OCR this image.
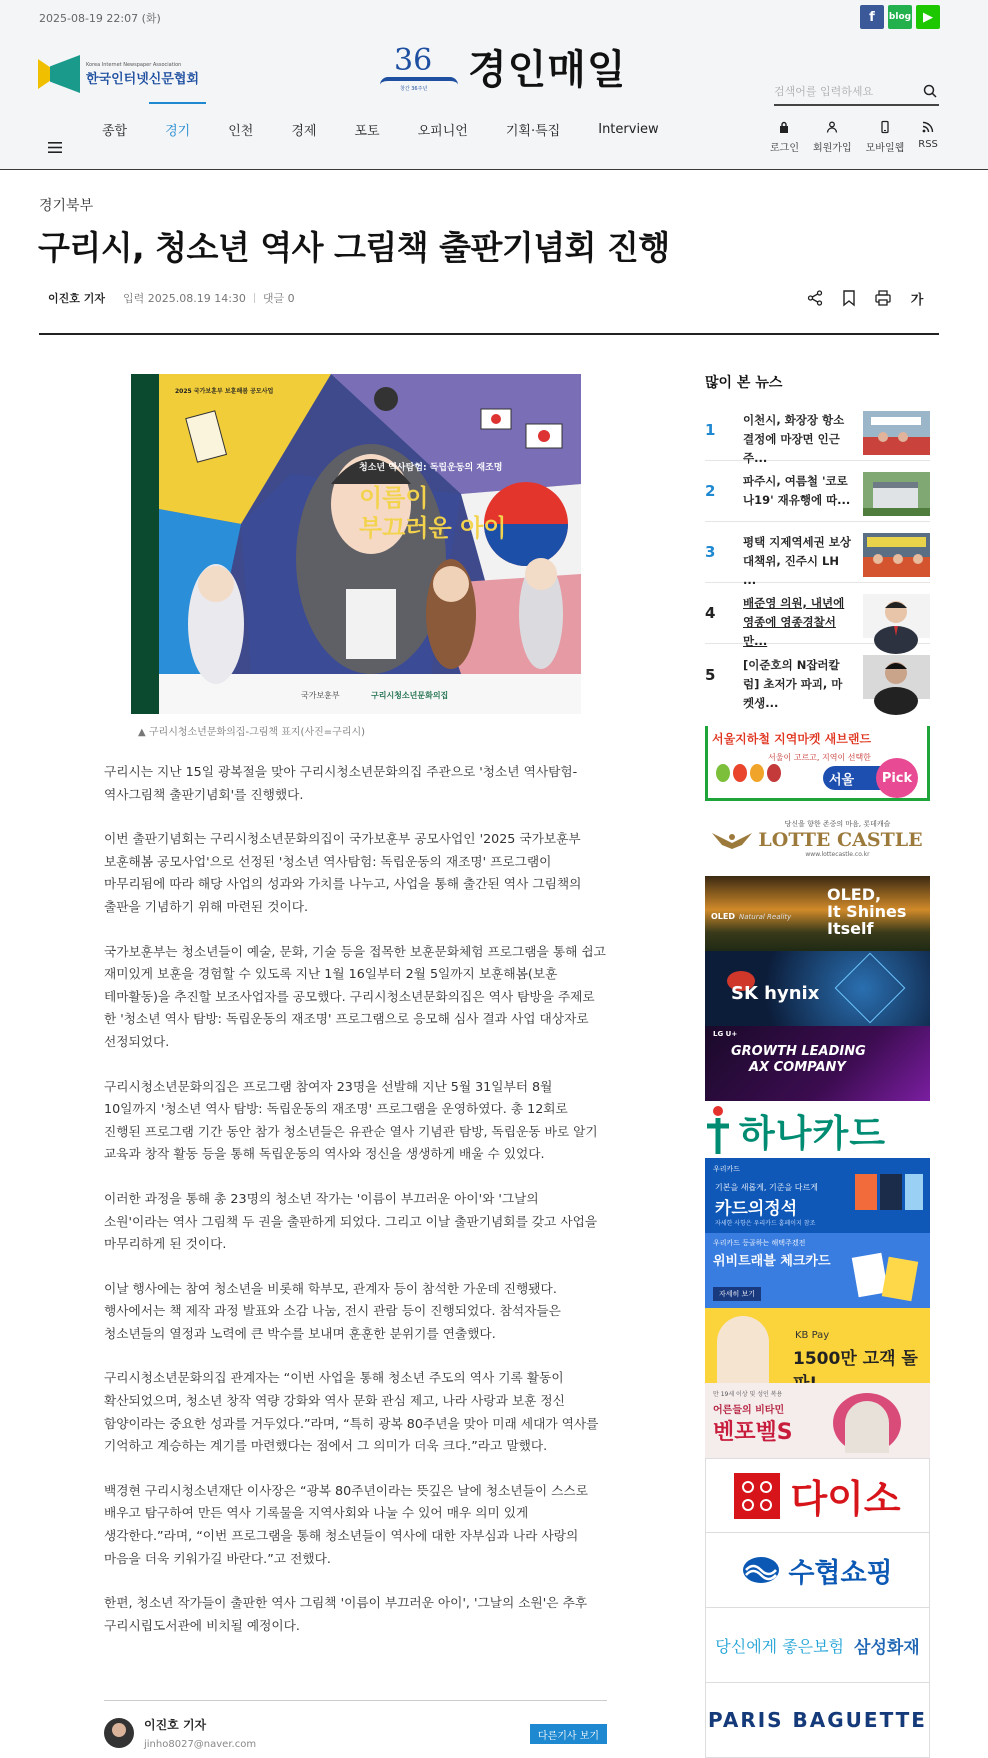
2025-08-19 22:07 (화)	f	blog ▶
Korea Internet Newspaper Association
한국인터넷신문협회
36
창간 36주년 경인매일
검색어를 입력하세요
종합	경기	인천	경제	포토	오피니언	기획·특집	Interview
로그인 회원가입 모바일웹 RSS
경기북부
구리시, 청소년 역사 그림책 출판기념회 진행
이진호 기자 입력 2025.08.19 14:30 댓글 0	가
2025 국가보훈부 보훈해봄 공모사업
청소년 역사탐험: 독립운동의 재조명
이름이
부끄러운 아이
국가보훈부	구리시청소년문화의집
▲ 구리시청소년문화의집-그림책 표지(사진=구리시)

구리시는 지난 15일 광복절을 맞아 구리시청소년문화의집 주관으로 '청소년 역사탐험-역사그림책 출판기념회'를 진행했다.

이번 출판기념회는 구리시청소년문화의집이 국가보훈부 공모사업인 '2025 국가보훈부 보훈해봄 공모사업'으로 선정된 '청소년 역사탐험: 독립운동의 재조명' 프로그램이 마무리됨에 따라 해당 사업의 성과와 가치를 나누고, 사업을 통해 출간된 역사 그림책의 출판을 기념하기 위해 마련된 것이다.

국가보훈부는 청소년들이 예술, 문화, 기술 등을 접목한 보훈문화체험 프로그램을 통해 쉽고 재미있게 보훈을 경험할 수 있도록 지난 1월 16일부터 2월 5일까지 보훈해봄(보훈 테마활동)을 추진할 보조사업자를 공모했다. 구리시청소년문화의집은 역사 탐방을 주제로 한 '청소년 역사 탐방: 독립운동의 재조명' 프로그램으로 응모해 심사 결과 사업 대상자로 선정되었다.

구리시청소년문화의집은 프로그램 참여자 23명을 선발해 지난 5월 31일부터 8월 10일까지 '청소년 역사 탐방: 독립운동의 재조명' 프로그램을 운영하였다. 총 12회로 진행된 프로그램 기간 동안 참가 청소년들은 유관순 열사 기념관 탐방, 독립운동 바로 알기 교육과 창작 활동 등을 통해 독립운동의 역사와 정신을 생생하게 배울 수 있었다.

이러한 과정을 통해 총 23명의 청소년 작가는 '이름이 부끄러운 아이'와 '그날의 소원'이라는 역사 그림책 두 권을 출판하게 되었다. 그리고 이날 출판기념회를 갖고 사업을 마무리하게 된 것이다.

이날 행사에는 참여 청소년을 비롯해 학부모, 관계자 등이 참석한 가운데 진행됐다. 행사에서는 책 제작 과정 발표와 소감 나눔, 전시 관람 등이 진행되었다. 참석자들은 청소년들의 열정과 노력에 큰 박수를 보내며 훈훈한 분위기를 연출했다.

구리시청소년문화의집 관계자는 “이번 사업을 통해 청소년 주도의 역사 기록 활동이 확산되었으며, 청소년 창작 역량 강화와 역사 문화 관심 제고, 나라 사랑과 보훈 정신 함양이라는 중요한 성과를 거두었다.”라며, “특히 광복 80주년을 맞아 미래 세대가 역사를 기억하고 계승하는 계기를 마련했다는 점에서 그 의미가 더욱 크다.”라고 말했다.

백경현 구리시청소년재단 이사장은 “광복 80주년이라는 뜻깊은 날에 청소년들이 스스로 배우고 탐구하여 만든 역사 기록물을 지역사회와 나눌 수 있어 매우 의미 있게 생각한다.”라며, “이번 프로그램을 통해 청소년들이 역사에 대한 자부심과 나라 사랑의 마음을 더욱 키워가길 바란다.”고 전했다.

한편, 청소년 작가들이 출판한 역사 그림책 '이름이 부끄러운 아이', '그날의 소원'은 추후 구리시립도서관에 비치될 예정이다.

이진호 기자
jinho8027@naver.com
다른기사 보기
많이 본 뉴스
1
이천시, 화장장 항소 결정에 마장면 인근 주...
2
파주시, 여름철 '코로나19' 재유행에 따...
3
평택 지제역세권 보상대책위, 진주시 LH ...
4
배준영 의원, 내년에 영종에 영종경찰서 만...
5
[이준호의 N잡러칼럼] 초저가 파괴, 마켓생...
서울지하철 지역마켓 새브랜드
서울이 고르고, 지역이 선택한
서울	Pick
당신을 향한 존중의 마음, 롯데캐슬
LOTTE CASTLE
www.lottecastle.co.kr
OLED Natural Reality
OLED,
It Shines
Itself
SK hynix
LG U+
GROWTH LEADING
AX COMPANY
하나카드
우리카드
기본을 새롭게, 기준을 다르게
카드의정석
자세한 사항은 우리카드 홈페이지 참조
우리카드 등골하는 해택주겠전
위비트래블 체크카드
자세히 보기
KB Pay
1500만 고객 돌
만 19세 이상 및 성인 복용
어른들의 비타민
벤포벨S
다이소
수협쇼핑
당신에게 좋은보험 삼성화재
PARIS BAGUETTE
